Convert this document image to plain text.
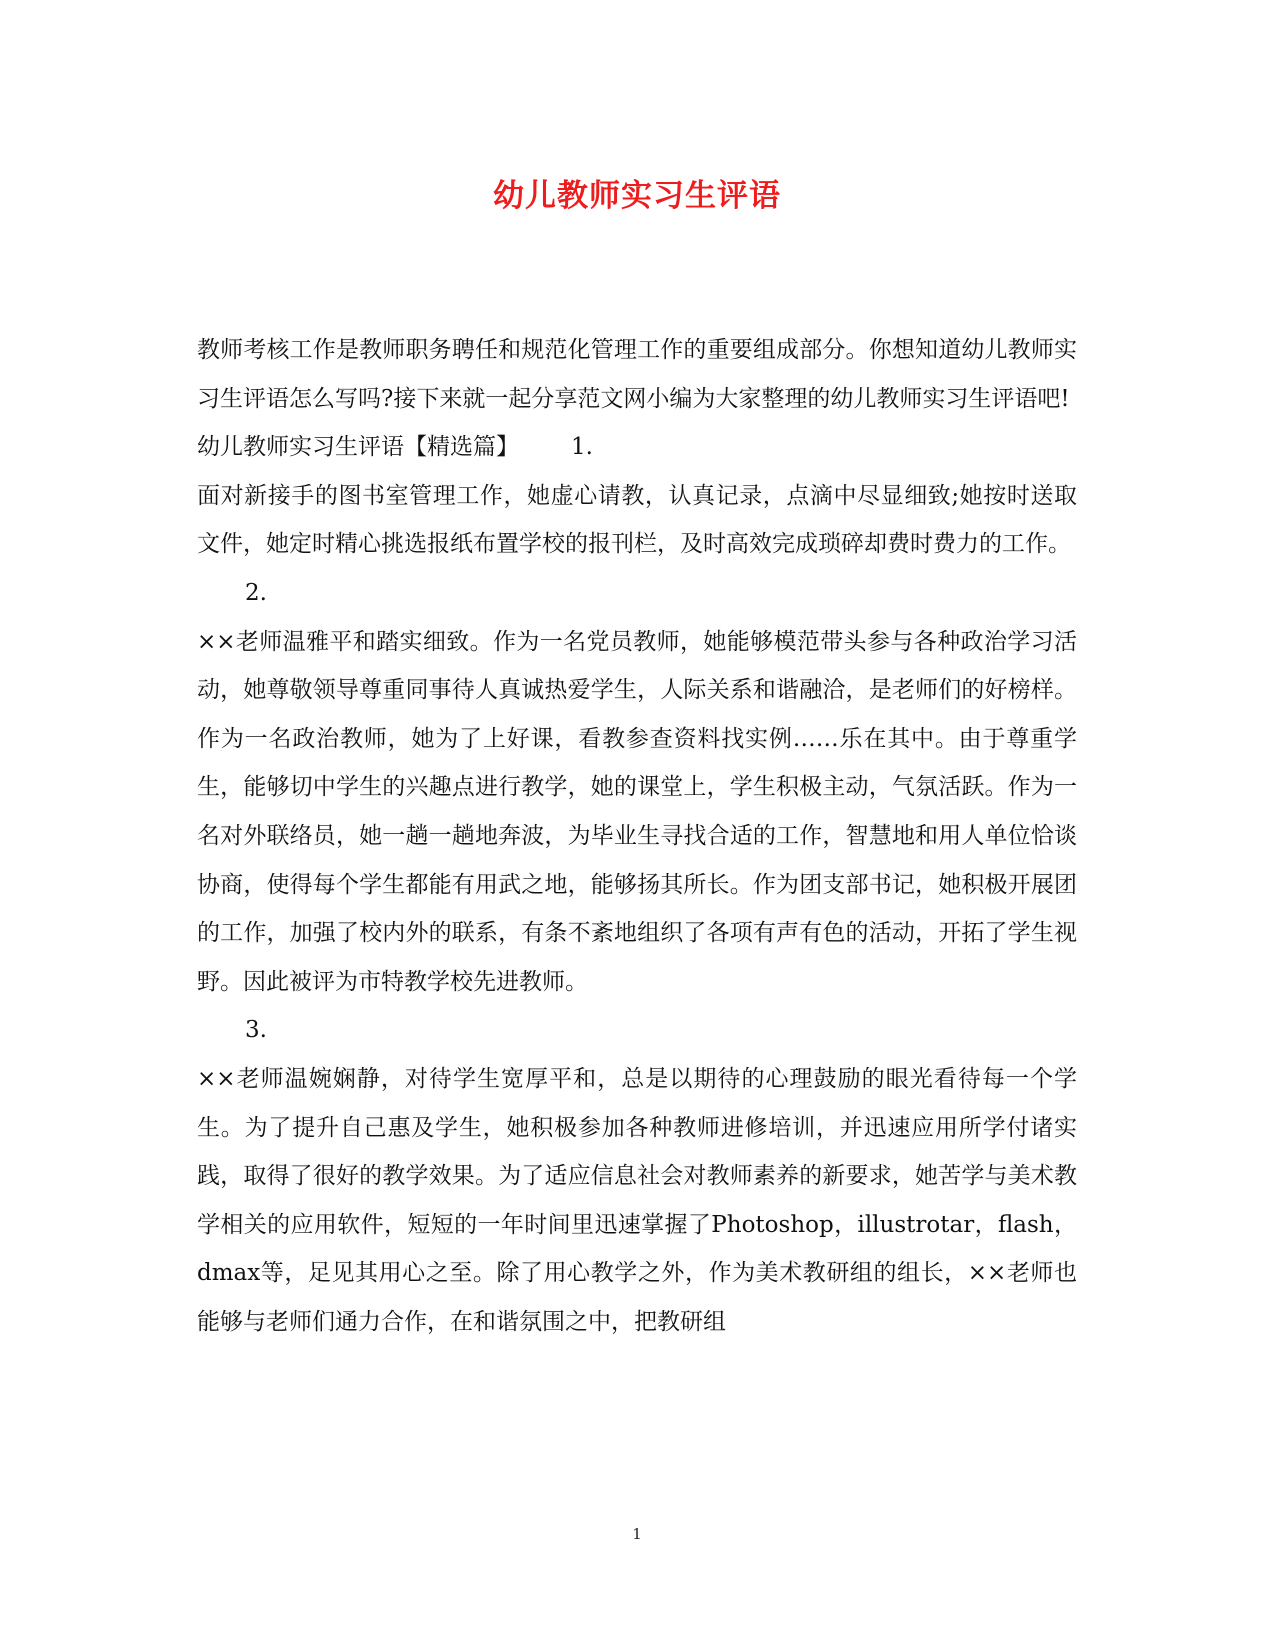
幼儿教师实习生评语

教师考核工作是教师职务聘任和规范化管理工作的重要组成部分。你想知道幼儿教师实习生评语怎么写吗?接下来就一起分享范文网小编为大家整理的幼儿教师实习生评语吧!

幼儿教师实习生评语【精选篇】 1.

面对新接手的图书室管理工作，她虚心请教，认真记录，点滴中尽显细致;她按时送取文件，她定时精心挑选报纸布置学校的报刊栏，及时高效完成琐碎却费时费力的工作。

2.

××老师温雅平和踏实细致。作为一名党员教师，她能够模范带头参与各种政治学习活动，她尊敬领导尊重同事待人真诚热爱学生，人际关系和谐融洽，是老师们的好榜样。作为一名政治教师，她为了上好课，看教参查资料找实例……乐在其中。由于尊重学生，能够切中学生的兴趣点进行教学，她的课堂上，学生积极主动，气氛活跃。作为一名对外联络员，她一趟一趟地奔波，为毕业生寻找合适的工作，智慧地和用人单位恰谈协商，使得每个学生都能有用武之地，能够扬其所长。作为团支部书记，她积极开展团的工作，加强了校内外的联系，有条不紊地组织了各项有声有色的活动，开拓了学生视野。因此被评为市特教学校先进教师。

3.

××老师温婉娴静，对待学生宽厚平和，总是以期待的心理鼓励的眼光看待每一个学生。为了提升自己惠及学生，她积极参加各种教师进修培训，并迅速应用所学付诸实践，取得了很好的教学效果。为了适应信息社会对教师素养的新要求，她苦学与美术教学相关的应用软件，短短的一年时间里迅速掌握了Photoshop，illustrotar，flash，dmax等，足见其用心之至。除了用心教学之外，作为美术教研组的组长，××老师也能够与老师们通力合作，在和谐氛围之中，把教研组

1
